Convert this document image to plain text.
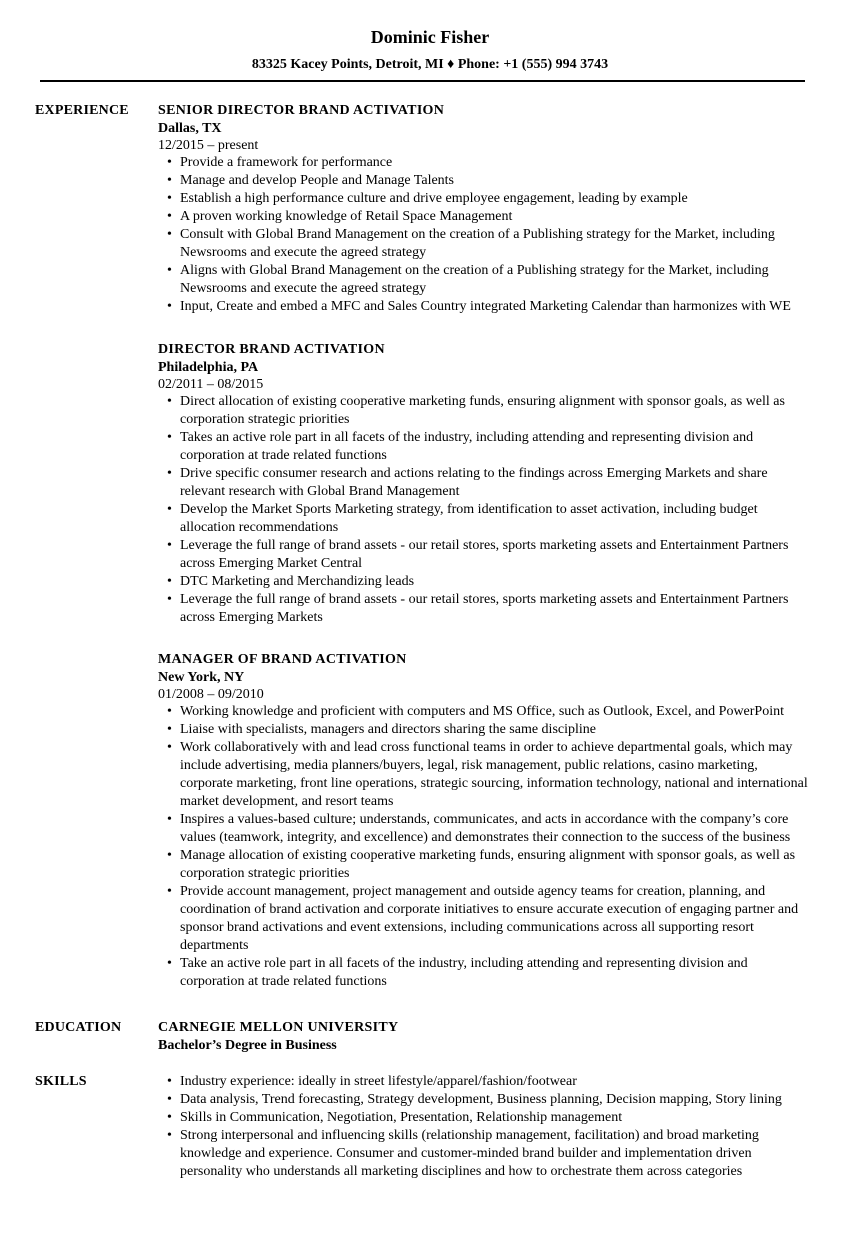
Dominic Fisher
83325 Kacey Points, Detroit, MI ♦ Phone: +1 (555) 994 3743
EXPERIENCE SENIOR DIRECTOR BRAND ACTIVATION
Dallas, TX
12/2015 – present
• Provide a framework for performance
• Manage and develop People and Manage Talents
• Establish a high performance culture and drive employee engagement, leading by example
• A proven working knowledge of Retail Space Management
• Consult with Global Brand Management on the creation of a Publishing strategy for the Market, including Newsrooms and execute the agreed strategy
• Aligns with Global Brand Management on the creation of a Publishing strategy for the Market, including Newsrooms and execute the agreed strategy
• Input, Create and embed a MFC and Sales Country integrated Marketing Calendar than harmonizes with WE
DIRECTOR BRAND ACTIVATION
Philadelphia, PA
02/2011 – 08/2015
• Direct allocation of existing cooperative marketing funds, ensuring alignment with sponsor goals, as well as corporation strategic priorities
• Takes an active role part in all facets of the industry, including attending and representing division and corporation at trade related functions
• Drive specific consumer research and actions relating to the findings across Emerging Markets and share relevant research with Global Brand Management
• Develop the Market Sports Marketing strategy, from identification to asset activation, including budget allocation recommendations
• Leverage the full range of brand assets - our retail stores, sports marketing assets and Entertainment Partners across Emerging Market Central
• DTC Marketing and Merchandizing leads
• Leverage the full range of brand assets - our retail stores, sports marketing assets and Entertainment Partners across Emerging Markets
MANAGER OF BRAND ACTIVATION
New York, NY
01/2008 – 09/2010
• Working knowledge and proficient with computers and MS Office, such as Outlook, Excel, and PowerPoint
• Liaise with specialists, managers and directors sharing the same discipline
• Work collaboratively with and lead cross functional teams in order to achieve departmental goals, which may include advertising, media planners/buyers, legal, risk management, public relations, casino marketing, corporate marketing, front line operations, strategic sourcing, information technology, national and international market development, and resort teams
• Inspires a values-based culture; understands, communicates, and acts in accordance with the company’s core values (teamwork, integrity, and excellence) and demonstrates their connection to the success of the business
• Manage allocation of existing cooperative marketing funds, ensuring alignment with sponsor goals, as well as corporation strategic priorities
• Provide account management, project management and outside agency teams for creation, planning, and coordination of brand activation and corporate initiatives to ensure accurate execution of engaging partner and sponsor brand activations and event extensions, including communications across all supporting resort departments
• Take an active role part in all facets of the industry, including attending and representing division and corporation at trade related functions
EDUCATION	CARNEGIE MELLON UNIVERSITY
Bachelor’s Degree in Business
SKILLS
•	Industry experience: ideally in street lifestyle/apparel/fashion/footwear
• Data analysis, Trend forecasting, Strategy development, Business planning, Decision mapping, Story lining
• Skills in Communication, Negotiation, Presentation, Relationship management
• Strong interpersonal and influencing skills (relationship management, facilitation) and broad marketing knowledge and experience. Consumer and customer-minded brand builder and implementation driven personality who understands all marketing disciplines and how to orchestrate them across categories
